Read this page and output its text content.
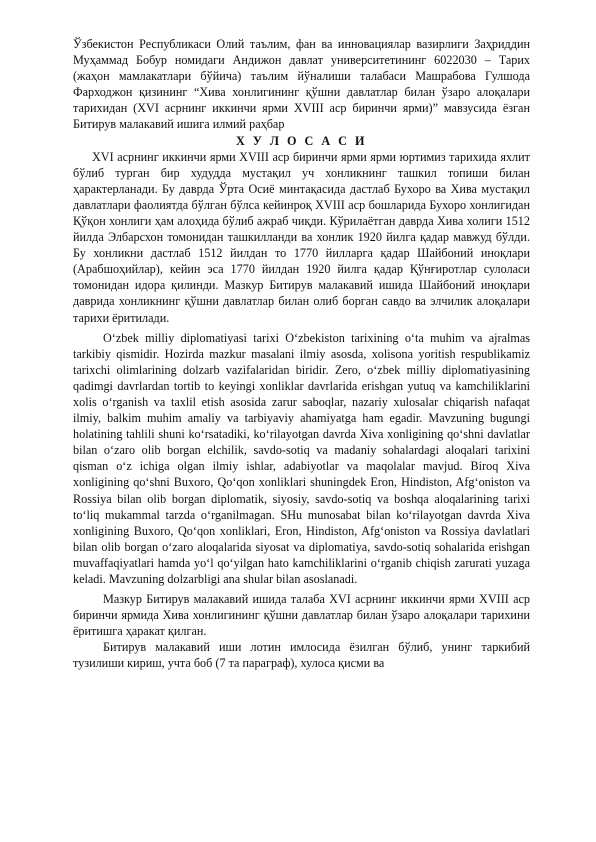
Ўзбекистон Республикаси Олий таълим, фан ва инновациялар вазирлиги Заҳриддин Муҳаммад Бобур номидаги Андижон давлат университетининг 6022030 – Тарих (жаҳон мамлакатлари бўйича) таълим йўналиши талабаси Машрабова Гулшода Фарходжон қизининг “Хива хонлигининг қўшни давлатлар билан ўзаро алоқалари тарихидан (XVI асрнинг иккинчи ярми XVIII аср биринчи ярми)” мавзусида ёзган Битирув малакавий ишига илмий раҳбар

Х У Л О С А С И

XVI асрнинг иккинчи ярми XVIII аср биринчи ярми ярми юртимиз тарихида яхлит бўлиб турган бир худудда мустақил уч хонликнинг ташкил топиши билан ҳарактерланади. Бу даврда Ўрта Осиё минтақасида дастлаб Бухоро ва Хива мустақил давлатлари фаолиятда бўлган бўлса кейинроқ XVIII аср бошларида Бухоро хонлигидан Қўқон хонлиги ҳам алоҳида бўлиб ажраб чиқди. Кўрилаётган даврда Хива холиги 1512 йилда Элбарсхон томонидан ташкилланди ва хонлик 1920 йилга қадар мавжуд бўлди. Бу хонликни дастлаб 1512 йилдан то 1770 йилларга қадар Шайбоний иноқлари (Арабшоҳийлар), кейин эса 1770 йилдан 1920 йилга қадар Қўнғиротлар сулоласи томонидан идора қилинди. Мазкур Битирув малакавий ишида Шайбоний иноқлари даврида хонликнинг қўшни давлатлар билан олиб борган савдо ва элчилик алоқалари тарихи ёритилади.

O‘zbek milliy diplomatiyasi tarixi O‘zbekiston tarixining o‘ta muhim va ajralmas tarkibiy qismidir. Hozirda mazkur masalani ilmiy asosda, xolisona yoritish respublikamiz tarixchi olimlarining dolzarb vazifalaridan biridir. Zero, o‘zbek milliy diplomatiyasining qadimgi davrlardan tortib to keyingi xonliklar davrlarida erishgan yutuq va kamchiliklarini xolis o‘rganish va taxlil etish asosida zarur saboqlar, nazariy xulosalar chiqarish nafaqat ilmiy, balkim muhim amaliy va tarbiyaviy ahamiyatga ham egadir. Mavzuning bugungi holatining tahlili shuni ko‘rsatadiki, ko‘rilayotgan davrda Xiva xonligining qo‘shni davlatlar bilan o‘zaro olib borgan elchilik, savdo-sotiq va madaniy sohalardagi aloqalari tarixini qisman o‘z ichiga olgan ilmiy ishlar, adabiyotlar va maqolalar mavjud. Biroq Xiva xonligining qo‘shni Buxoro, Qo‘qon xonliklari shuningdek Eron, Hindiston, Afg‘oniston va Rossiya bilan olib borgan diplomatik, siyosiy, savdo-sotiq va boshqa aloqalarining tarixi to‘liq mukammal tarzda o‘rganilmagan. SHu munosabat bilan ko‘rilayotgan davrda Xiva xonligining Buxoro, Qo‘qon xonliklari, Eron, Hindiston, Afg‘oniston va Rossiya davlatlari bilan olib borgan o‘zaro aloqalarida siyosat va diplomatiya, savdo-sotiq sohalarida erishgan muvaffaqiyatlari hamda yo‘l qo‘yilgan hato kamchiliklarini o‘rganib chiqish zarurati yuzaga keladi. Mavzuning dolzarbligi ana shular bilan asoslanadi.

Мазкур Битирув малакавий ишида талаба XVI асрнинг иккинчи ярми XVIII аср биринчи ярмида Хива хонлигининг қўшни давлатлар билан ўзаро алоқалари тарихини ёритишга ҳаракат қилган.

Битирув малакавий иши лотин имлосида ёзилган бўлиб, унинг таркибий тузилиши кириш, учта боб (7 та параграф), хулоса қисми ва
